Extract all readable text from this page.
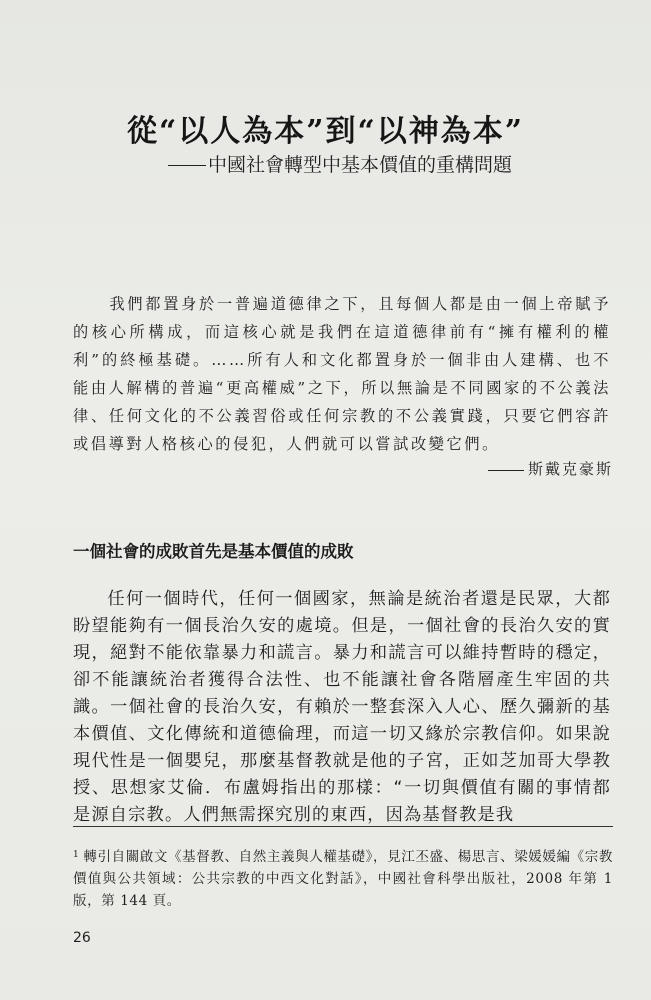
從“以人為本”到“以神為本”
中國社會轉型中基本價值的重構問題

我們都置身於一普遍道德律之下，且每個人都是由一個上帝賦予的核心所構成，而這核心就是我們在這道德律前有“擁有權利的權利”的終極基礎。……所有人和文化都置身於一個非由人建構、也不能由人解構的普遍“更高權威”之下，所以無論是不同國家的不公義法律、任何文化的不公義習俗或任何宗教的不公義實踐，只要它們容許或倡導對人格核心的侵犯，人們就可以嘗試改變它們。

斯戴克豪斯
一個社會的成敗首先是基本價值的成敗

任何一個時代，任何一個國家，無論是統治者還是民眾，大都盼望能夠有一個長治久安的處境。但是，一個社會的長治久安的實現，絕對不能依靠暴力和謊言。暴力和謊言可以維持暫時的穩定，卻不能讓統治者獲得合法性、也不能讓社會各階層產生牢固的共識。一個社會的長治久安，有賴於一整套深入人心、歷久彌新的基本價值、文化傳統和道德倫理，而這一切又緣於宗教信仰。如果說現代性是一個嬰兒，那麼基督教就是他的子宮，正如芝加哥大學教授、思想家艾倫．布盧姆指出的那樣：“一切與價值有關的事情都是源自宗教。人們無需探究別的東西，因為基督教是我

$^1$ 轉引自關啟文《基督教、自然主義與人權基礎》，見江丕盛、楊思言、梁媛媛編《宗教價值與公共領域：公共宗教的中西文化對話》，中國社會科學出版社，2008 年第 1 版，第 144 頁。

26
